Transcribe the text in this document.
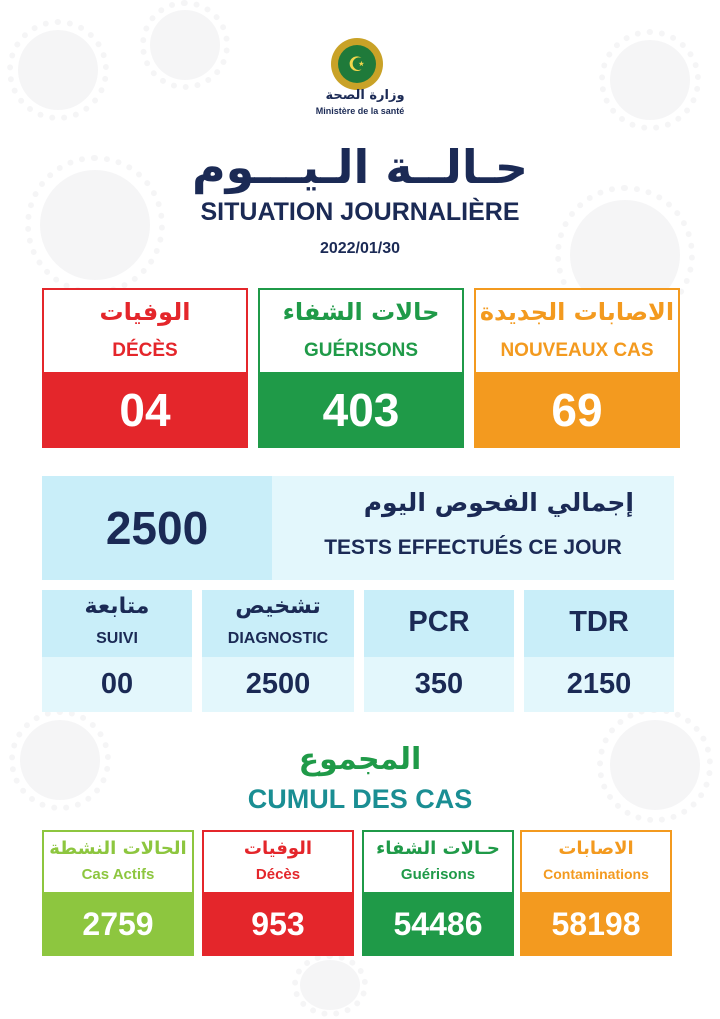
☪
وزارة الصحة
Ministère de la santé
حـالــة الـيـــوم
SITUATION JOURNALIÈRE
2022/01/30
الوفيات
DÉCÈS
04
حالات الشفاء
GUÉRISONS
403
الاصابات الجديدة
NOUVEAUX CAS
69
2500	إجمالي الفحوص اليوم
TESTS EFFECTUÉS CE JOUR
متابعة
SUIVI
00
تشخيص
DIAGNOSTIC
2500
PCR
350
TDR
2150
المجموع
CUMUL DES CAS
الحالات النشطة
Cas Actifs
2759
الوفيات
Décès
953
حـالات الشفاء
Guérisons
54486
الاصابات
Contaminations
58198
